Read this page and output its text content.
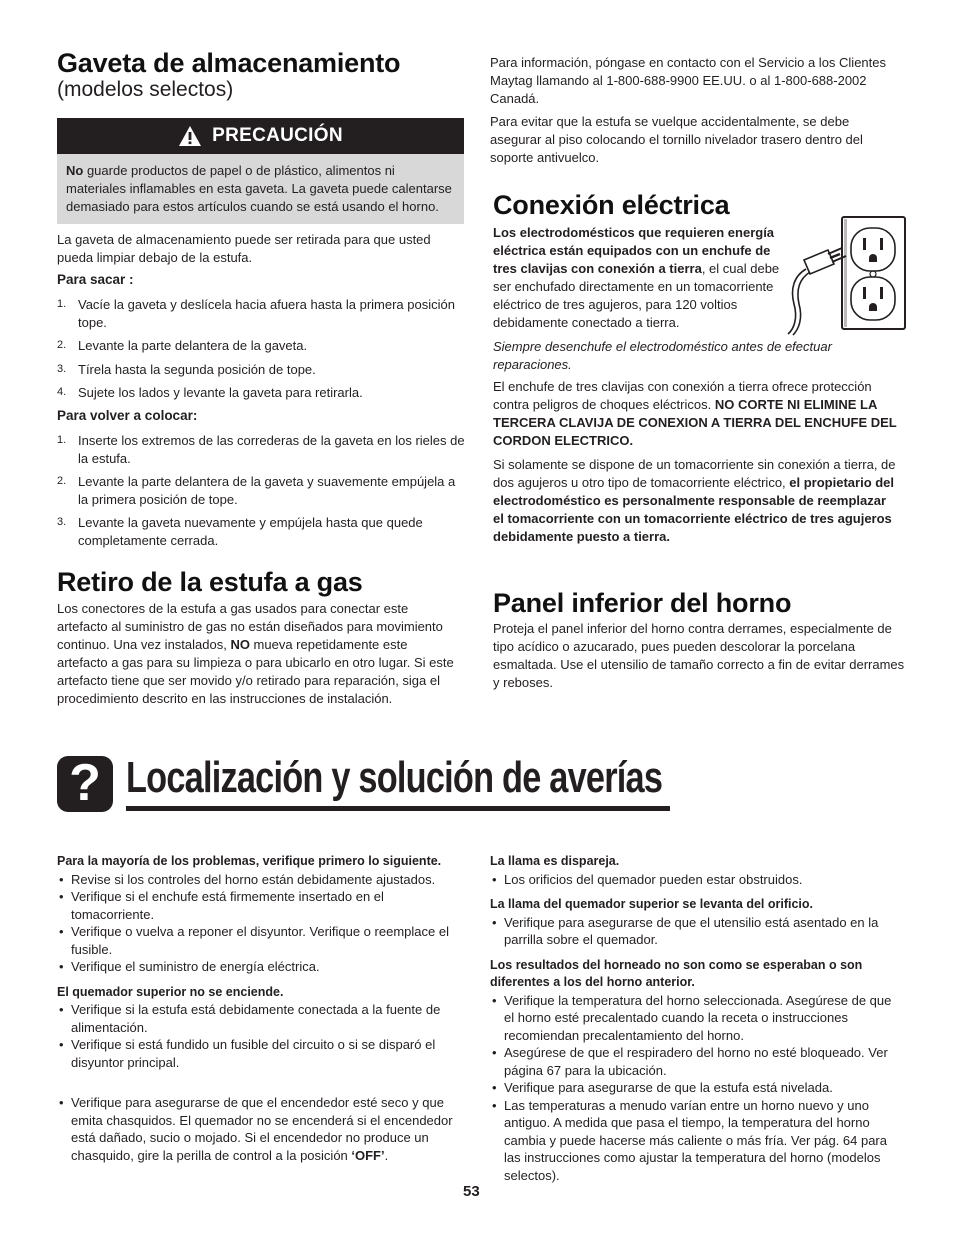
Gaveta de almacenamiento
(modelos selectos)
PRECAUCIÓN
No guarde productos de papel o de plástico, alimentos ni materiales inflamables en esta gaveta. La gaveta puede calentarse demasiado para estos artículos cuando se está usando el horno.

La gaveta de almacenamiento puede ser retirada para que usted pueda limpiar debajo de la estufa.

Para sacar :
1. Vacíe la gaveta y deslícela hacia afuera hasta la primera posición tope.
2. Levante la parte delantera de la gaveta.
3. Tírela hasta la segunda posición de tope.
4. Sujete los lados y levante la gaveta para retirarla.
Para volver a colocar:
1. Inserte los extremos de las correderas de la gaveta en los rieles de la estufa.
2. Levante la parte delantera de la gaveta y suavemente empújela a la primera posición de tope.
3. Levante la gaveta nuevamente y empújela hasta que quede completamente cerrada.
Retiro de la estufa a gas

Los conectores de la estufa a gas usados para conectar este artefacto al suministro de gas no están diseñados para movimiento continuo. Una vez instalados, NO mueva repetidamente este artefacto a gas para su limpieza o para ubicarlo en otro lugar. Si este artefacto tiene que ser movido y/o retirado para reparación, siga el procedimiento descrito en las instrucciones de instalación.

Para información, póngase en contacto con el Servicio a los Clientes Maytag llamando al 1-800-688-9900 EE.UU. o al 1-800-688-2002 Canadá.

Para evitar que la estufa se vuelque accidentalmente, se debe asegurar al piso colocando el tornillo nivelador trasero dentro del soporte antivuelco.

Conexión eléctrica

Los electrodomésticos que requieren energía eléctrica están equipados con un enchufe de tres clavijas con conexión a tierra, el cual debe ser enchufado directamente en un tomacorriente eléctrico de tres agujeros, para 120 voltios debidamente conectado a tierra.

Siempre desenchufe el electrodoméstico antes de efectuar reparaciones.

El enchufe de tres clavijas con conexión a tierra ofrece protección contra peligros de choques eléctricos. NO CORTE NI ELIMINE LA TERCERA CLAVIJA DE CONEXION A TIERRA DEL ENCHUFE DEL CORDON ELECTRICO.

Si solamente se dispone de un tomacorriente sin conexión a tierra, de dos agujeros u otro tipo de tomacorriente eléctrico, el propietario del electrodoméstico es personalmente responsable de reemplazar el tomacorriente con un tomacorriente eléctrico de tres agujeros debidamente puesto a tierra.

Panel inferior del horno

Proteja el panel inferior del horno contra derrames, especialmente de tipo acídico o azucarado, pues pueden descolorar la porcelana esmaltada. Use el utensilio de tamaño correcto a fin de evitar derrames y reboses.

? Localización y solución de averías
Para la mayoría de los problemas, verifique primero lo siguiente.
• Revise si los controles del horno están debidamente ajustados.
• Verifique si el enchufe está firmemente insertado en el tomacorriente.
• Verifique o vuelva a reponer el disyuntor. Verifique o reemplace el fusible.
• Verifique el suministro de energía eléctrica.
El quemador superior no se enciende.
• Verifique si la estufa está debidamente conectada a la fuente de alimentación.
• Verifique si está fundido un fusible del circuito o si se disparó el disyuntor principal.
• Verifique para asegurarse de que el encendedor esté seco y que emita chasquidos. El quemador no se encenderá si el encendedor está dañado, sucio o mojado. Si el encendedor no produce un chasquido, gire la perilla de control a la posición ‘OFF’.
La llama es dispareja.
• Los orificios del quemador pueden estar obstruidos.
La llama del quemador superior se levanta del orificio.
• Verifique para asegurarse de que el utensilio está asentado en la parrilla sobre el quemador.
Los resultados del horneado no son como se esperaban o son diferentes a los del horno anterior.
• Verifique la temperatura del horno seleccionada. Asegúrese de que el horno esté precalentado cuando la receta o instrucciones recomiendan precalentamiento del horno.
• Asegúrese de que el respiradero del horno no esté bloqueado. Ver página 67 para la ubicación.
• Verifique para asegurarse de que la estufa está nivelada.
• Las temperaturas a menudo varían entre un horno nuevo y uno antiguo. A medida que pasa el tiempo, la temperatura del horno cambia y puede hacerse más caliente o más fría. Ver pág. 64 para las instrucciones como ajustar la temperatura del horno (modelos selectos).
53
